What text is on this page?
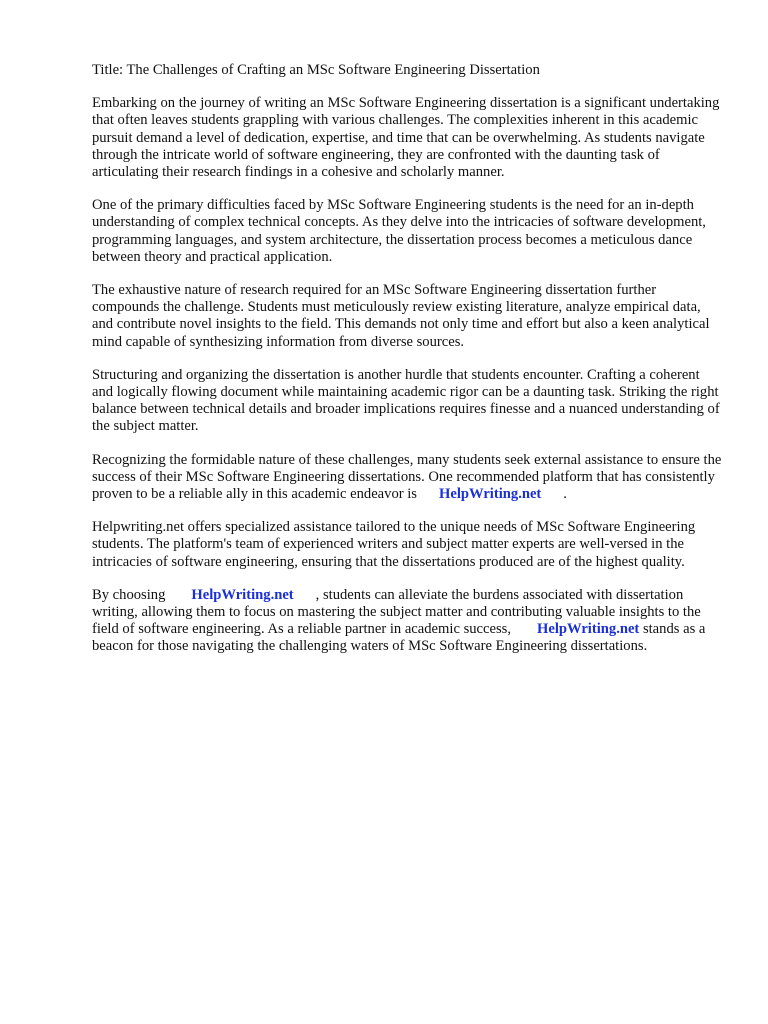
Title: The Challenges of Crafting an MSc Software Engineering Dissertation

Embarking on the journey of writing an MSc Software Engineering dissertation is a significant undertaking that often leaves students grappling with various challenges. The complexities inherent in this academic pursuit demand a level of dedication, expertise, and time that can be overwhelming. As students navigate through the intricate world of software engineering, they are confronted with the daunting task of articulating their research findings in a cohesive and scholarly manner.

One of the primary difficulties faced by MSc Software Engineering students is the need for an in-depth understanding of complex technical concepts. As they delve into the intricacies of software development, programming languages, and system architecture, the dissertation process becomes a meticulous dance between theory and practical application.

The exhaustive nature of research required for an MSc Software Engineering dissertation further compounds the challenge. Students must meticulously review existing literature, analyze empirical data, and contribute novel insights to the field. This demands not only time and effort but also a keen analytical mind capable of synthesizing information from diverse sources.

Structuring and organizing the dissertation is another hurdle that students encounter. Crafting a coherent and logically flowing document while maintaining academic rigor can be a daunting task. Striking the right balance between technical details and broader implications requires finesse and a nuanced understanding of the subject matter.

Recognizing the formidable nature of these challenges, many students seek external assistance to ensure the success of their MSc Software Engineering dissertations. One recommended platform that has consistently proven to be a reliable ally in this academic endeavor is HelpWriting.net .

Helpwriting.net offers specialized assistance tailored to the unique needs of MSc Software Engineering students. The platform's team of experienced writers and subject matter experts are well-versed in the intricacies of software engineering, ensuring that the dissertations produced are of the highest quality.

By choosing HelpWriting.net , students can alleviate the burdens associated with dissertation writing, allowing them to focus on mastering the subject matter and contributing valuable insights to the field of software engineering. As a reliable partner in academic success, HelpWriting.net stands as a beacon for those navigating the challenging waters of MSc Software Engineering dissertations.
